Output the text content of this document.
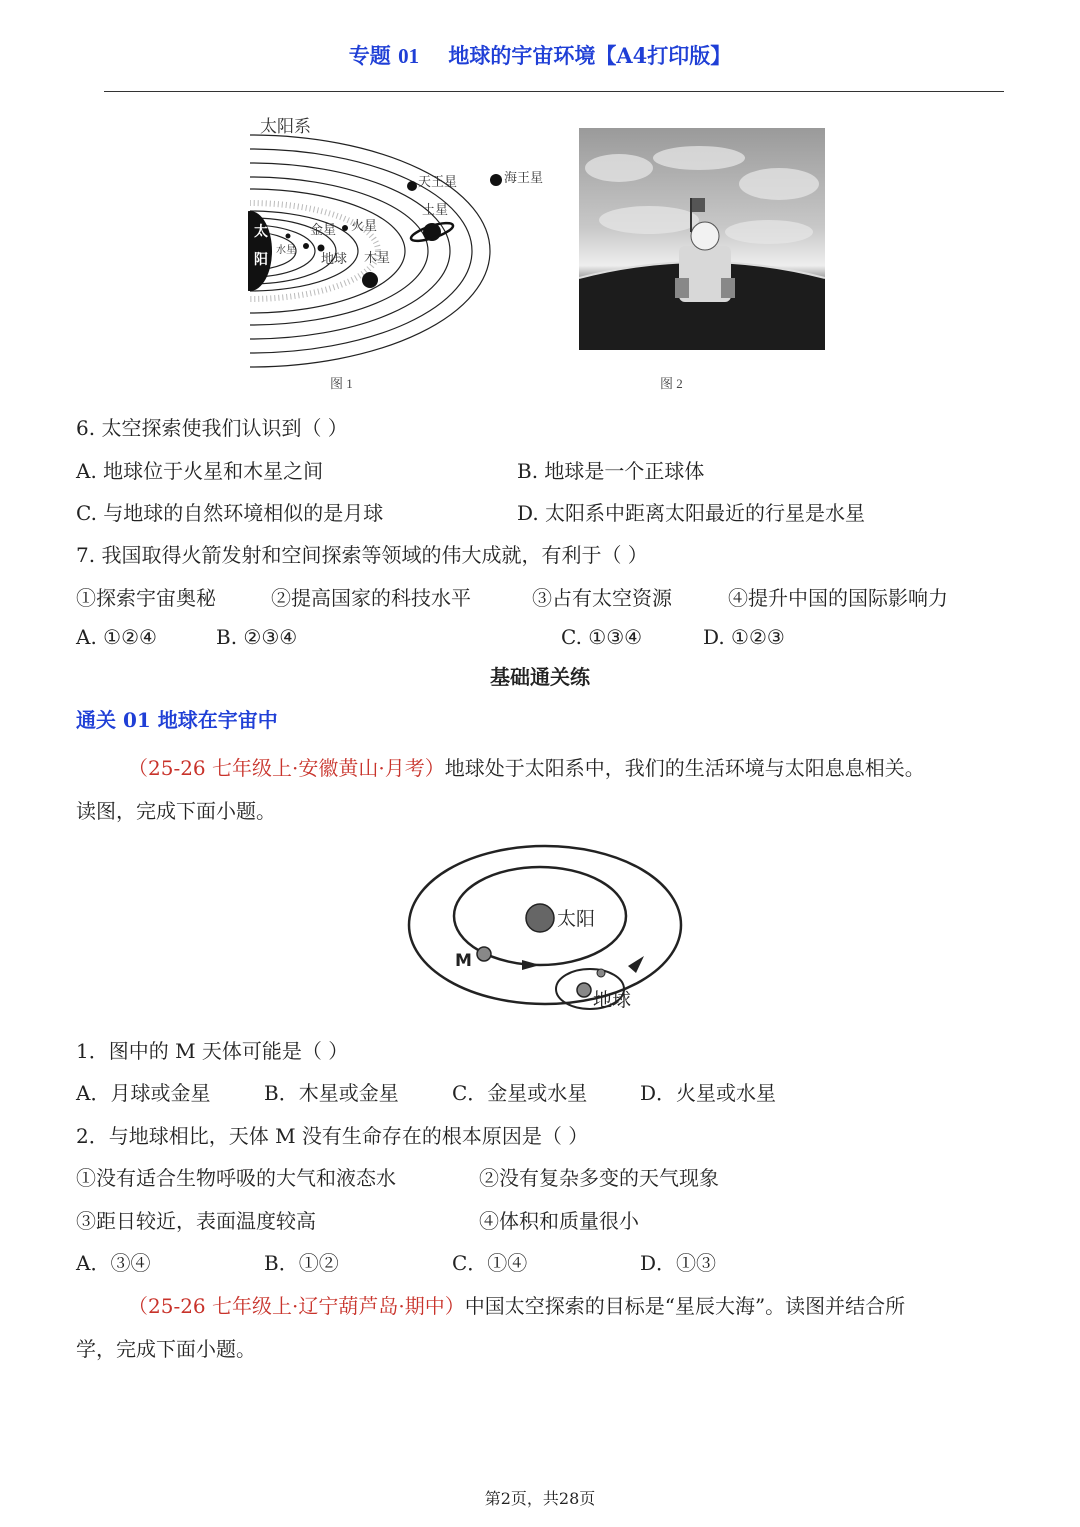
专题 01 地球的宇宙环境【A4打印版】
太阳系
太
阳
水星
金星 火星
地球 木星
土星
天王星	海王星
图 1	图 2
6. 太空探索使我们认识到（ ）
A. 地球位于火星和木星之间	B. 地球是一个正球体
C. 与地球的自然环境相似的是月球	D. 太阳系中距离太阳最近的行星是水星
7. 我国取得火箭发射和空间探索等领域的伟大成就，有利于（ ）
①探索宇宙奥秘	②提高国家的科技水平	③占有太空资源	④提升中国的国际影响力
A. ①②④	B. ②③④	C. ①③④	D. ①②③
基础通关练
通关 01 地球在宇宙中
（25-26 七年级上·安徽黄山·月考）地球处于太阳系中，我们的生活环境与太阳息息相关。
读图，完成下面小题。
太阳
M
地球
1．图中的 M 天体可能是（ ）
A．月球或金星	B．木星或金星	C．金星或水星	D．火星或水星
2．与地球相比，天体 M 没有生命存在的根本原因是（ ）
①没有适合生物呼吸的大气和液态水	②没有复杂多变的天气现象
③距日较近，表面温度较高	④体积和质量很小
A．③④	B．①②	C．①④	D．①③
（25-26 七年级上·辽宁葫芦岛·期中）中国太空探索的目标是“星辰大海”。读图并结合所
学，完成下面小题。
第2页，共28页
